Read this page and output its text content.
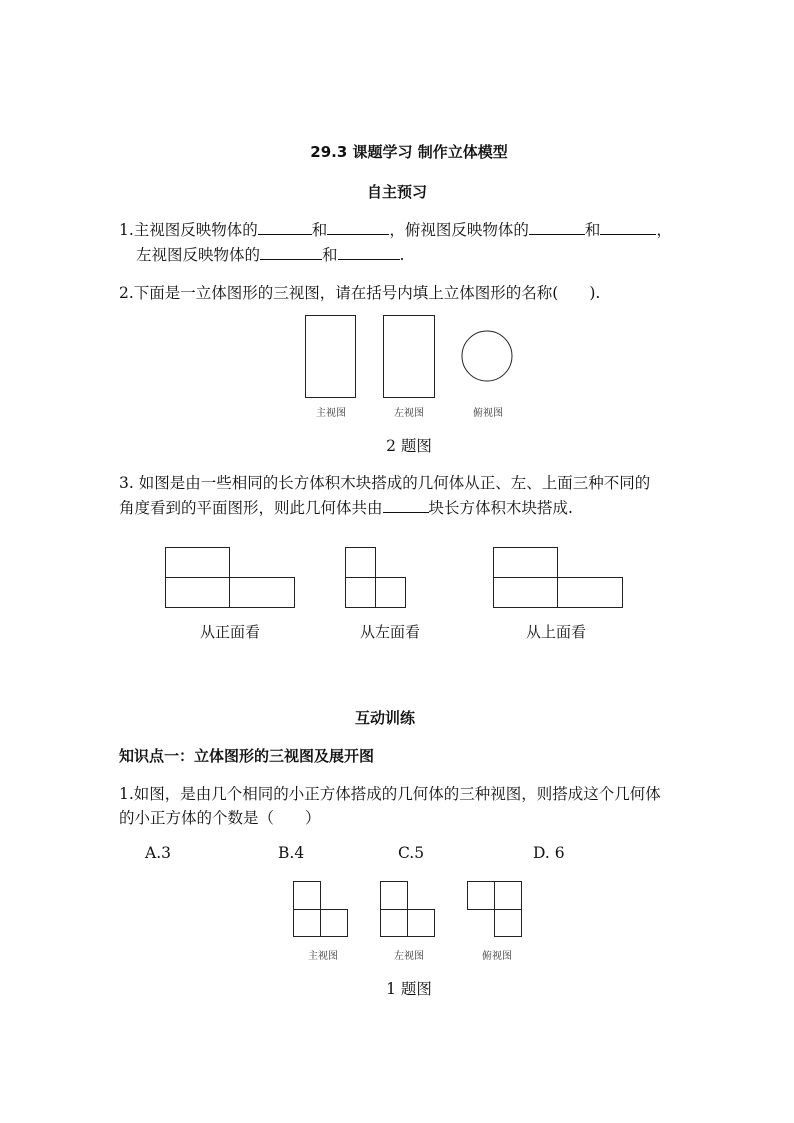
29.3 课题学习 制作立体模型
自主预习
1.主视图反映物体的	和	，俯视图反映物体的	和	，
左视图反映物体的	和	.
2.下面是一立体图形的三视图，请在括号内填上立体图形的名称(　　).
主视图	左视图	俯视图
2 题图
3. 如图是由一些相同的长方体积木块搭成的几何体从正、左、上面三种不同的
角度看到的平面图形，则此几何体共由	块长方体积木块搭成.
从正面看	从左面看	从上面看
互动训练
知识点一：立体图形的三视图及展开图
1.如图，是由几个相同的小正方体搭成的几何体的三种视图，则搭成这个几何体
的小正方体的个数是（　　）
A.3	B.4	C.5	D. 6
主视图	左视图	俯视图
1 题图
